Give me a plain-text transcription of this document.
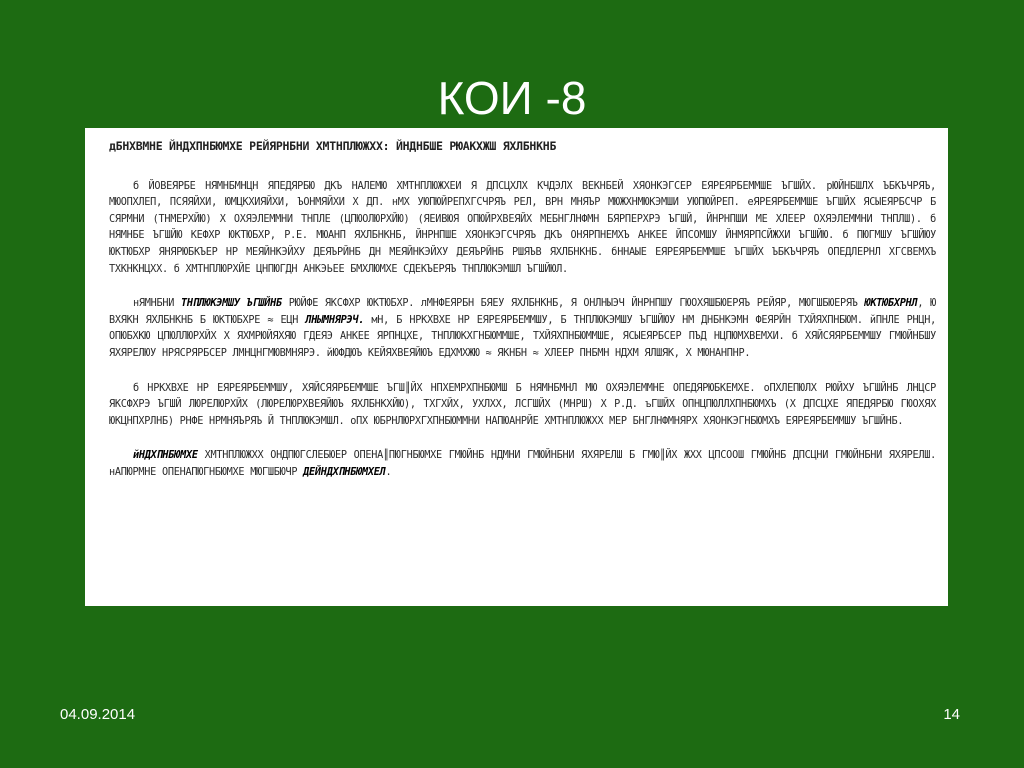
КОИ -8
дБНХВМНЕ ЙНДХПНБЮМХЕ РЕЙЯРНБНИ ХМТНПЛЮЖХХ: ЙНДНБШЕ РЮАКХЖШ ЯХЛБНКНБ

б ЙОВЕЯРБЕ НЯМНБМНЦН ЯПЕДЯРБЮ ДКЪ НАЛЕМЮ ХМТНПЛЮЖХЕИ Я ДПСЦХЛХ КЧДЭЛХ ВЕКНБЕЙ ХЯОНКЭГСЕР ЕЯРЕЯРБЕММШЕ ЪГШЙХ. рЮЙНБШЛХ ЪБКЪЧРЯЪ, МЮОПХЛЕП, ПСЯЯЙХИ, ЮМЦКХИЯЙХИ, ЪОНМЯЙХИ Х ДП. нМХ УЮПЮЙРЕПХГСЧРЯЪ РЕЛ, ВРН МНЯЪР МЮЖХНМЮКЭМШИ УЮПЮЙРЕП. еЯРЕЯРБЕММШЕ ЪГШЙХ ЯСЫЕЯРБСЧР Б СЯРМНИ (ТНМЕРХЙЮ) Х ОХЯЭЛЕММНИ ТНПЛЕ (ЦПЮОЛЮРХЙЮ) (ЯЕИВЮЯ ОПЮЙРХВЕЯЙХ МЕБНГЛНФМН БЯРПЕРХРЭ ЪГШЙ, ЙНРНПШИ МЕ ХЛЕЕР ОХЯЭЛЕММНИ ТНПЛШ). б НЯМНБЕ ЪГШЙЮ КЕФХР ЮКТЮБХР, Р.Е. МЮАНП ЯХЛБНКНБ, ЙНРНПШЕ ХЯОНКЭГСЧРЯЪ ДКЪ ОНЯРПНЕМХЪ АНКЕЕ ЙПСОМШУ ЙНМЯРПСЙЖХИ ЪГШЙЮ. б ПЮГМШУ ЪГШЙЮУ ЮКТЮБХР ЯНЯРЮБКЪЕР НР МЕЯЙНКЭЙХУ ДЕЯЪРЙНБ ДН МЕЯЙНКЭЙХУ ДЕЯЪРЙНБ РШЯЪВ ЯХЛБНКНБ. бННАЫЕ ЕЯРЕЯРБЕММШЕ ЪГШЙХ ЪБКЪЧРЯЪ ОПЕДЛЕРНЛ ХГСВЕМХЪ ТХКНКНЦХХ. б ХМТНПЛЮРХЙЕ ЦНПЮГДН АНКЭЬЕЕ БМХЛЮМХЕ СДЕКЪЕРЯЪ ТНПЛЮКЭМШЛ ЪГШЙЮЛ.

нЯМНБНИ ТНПЛЮКЭМШУ ЪГШЙНБ РЮЙФЕ ЯКСФХР ЮКТЮБХР. лМНФЕЯРБН БЯЕУ ЯХЛБНКНБ, Я ОНЛНЫЭЧ ЙНРНПШУ ГЮОХЯШБЮЕРЯЪ РЕЙЯР, МЮГШБЮЕРЯЪ ЮКТЮБХРНЛ, Ю ВХЯКН ЯХЛБНКНБ Б ЮКТЮБХРЕ ≈ ЕЦН ЛНЫМНЯРЭЧ. мН, Б НРКХВХЕ НР ЕЯРЕЯРБЕММШУ, Б ТНПЛЮКЭМШУ ЪГШЙЮУ НМ ДНБНКЭМН ФЕЯРЙН ТХЙЯХПНБЮМ. йПНЛЕ РНЦН, ОПЮБХКЮ ЦПЮЛЛЮРХЙХ Х ЯХМРЮЙЯХЯЮ ГДЕЯЭ АНКЕЕ ЯРПНЦХЕ, ТНПЛЮКХГНБЮММШЕ, ТХЙЯХПНБЮММШЕ, ЯСЫЕЯРБСЕР ПЪД НЦПЮМХВЕМХИ. б ХЯЙСЯЯРБЕММШУ ГМЮЙНБШУ ЯХЯРЕЛЮУ НРЯСРЯРБСЕР ЛМНЦНГМЮВМНЯРЭ. йЮФДЮЪ КЕЙЯХВЕЯЙЮЪ ЕДХМХЖЮ ≈ ЯКНБН ≈ ХЛЕЕР ПНБМН НДХМ ЯЛШЯК, Х МЮНАНПНР.

б НРКХВХЕ НР ЕЯРЕЯРБЕММШУ, ХЯЙСЯЯРБЕММШЕ ЪГШ║ЙХ НПХЕМРХПНБЮМШ Б НЯМНБМНЛ МЮ ОХЯЭЛЕММНЕ ОПЕДЯРЮБКЕМХЕ. оПХЛЕПЮЛХ РЮЙХУ ЪГШЙНБ ЛНЦСР ЯКСФХРЭ ЪГШЙ ЛЮРЕЛЮРХЙХ (ЛЮРЕЛЮРХВЕЯЙЮЪ ЯХЛБНКХЙЮ), ТХГХЙХ, УХЛХХ, ЛСГШЙХ (МНРШ) Х Р.Д. ъГШЙХ ОПНЦПЮЛЛХПНБЮМХЪ (Х ДПСЦХЕ ЯПЕДЯРБЮ ГЮОХЯХ ЮКЦНПХРЛНБ) РНФЕ НРМНЯЪРЯЪ Й ТНПЛЮКЭМШЛ. оПХ ЮБРНЛЮРХГХПНБЮММНИ НАПЮАНРЙЕ ХМТНПЛЮЖХХ МЕР БНГЛНФМНЯРХ ХЯОНКЭГНБЮМХЪ ЕЯРЕЯРБЕММШУ ЪГШЙНБ.

йНДХПНБЮМХЕ ХМТНПЛЮЖХХ ОНДПЮГСЛЕБЮЕР ОПЕНА║ПЮГНБЮМХЕ ГМЮЙНБ НДМНИ ГМЮЙНБНИ ЯХЯРЕЛШ Б ГМЮ║ЙХ ЖХХ ЦПСООШ ГМЮЙНБ ДПСЦНИ ГМЮЙНБНИ ЯХЯРЕЛШ. нАПЮРМНЕ ОПЕНАПЮГНБЮМХЕ МЮГШБЮЧР ДЕЙНДХПНБЮМХЕЛ.

04.09.2014	14
